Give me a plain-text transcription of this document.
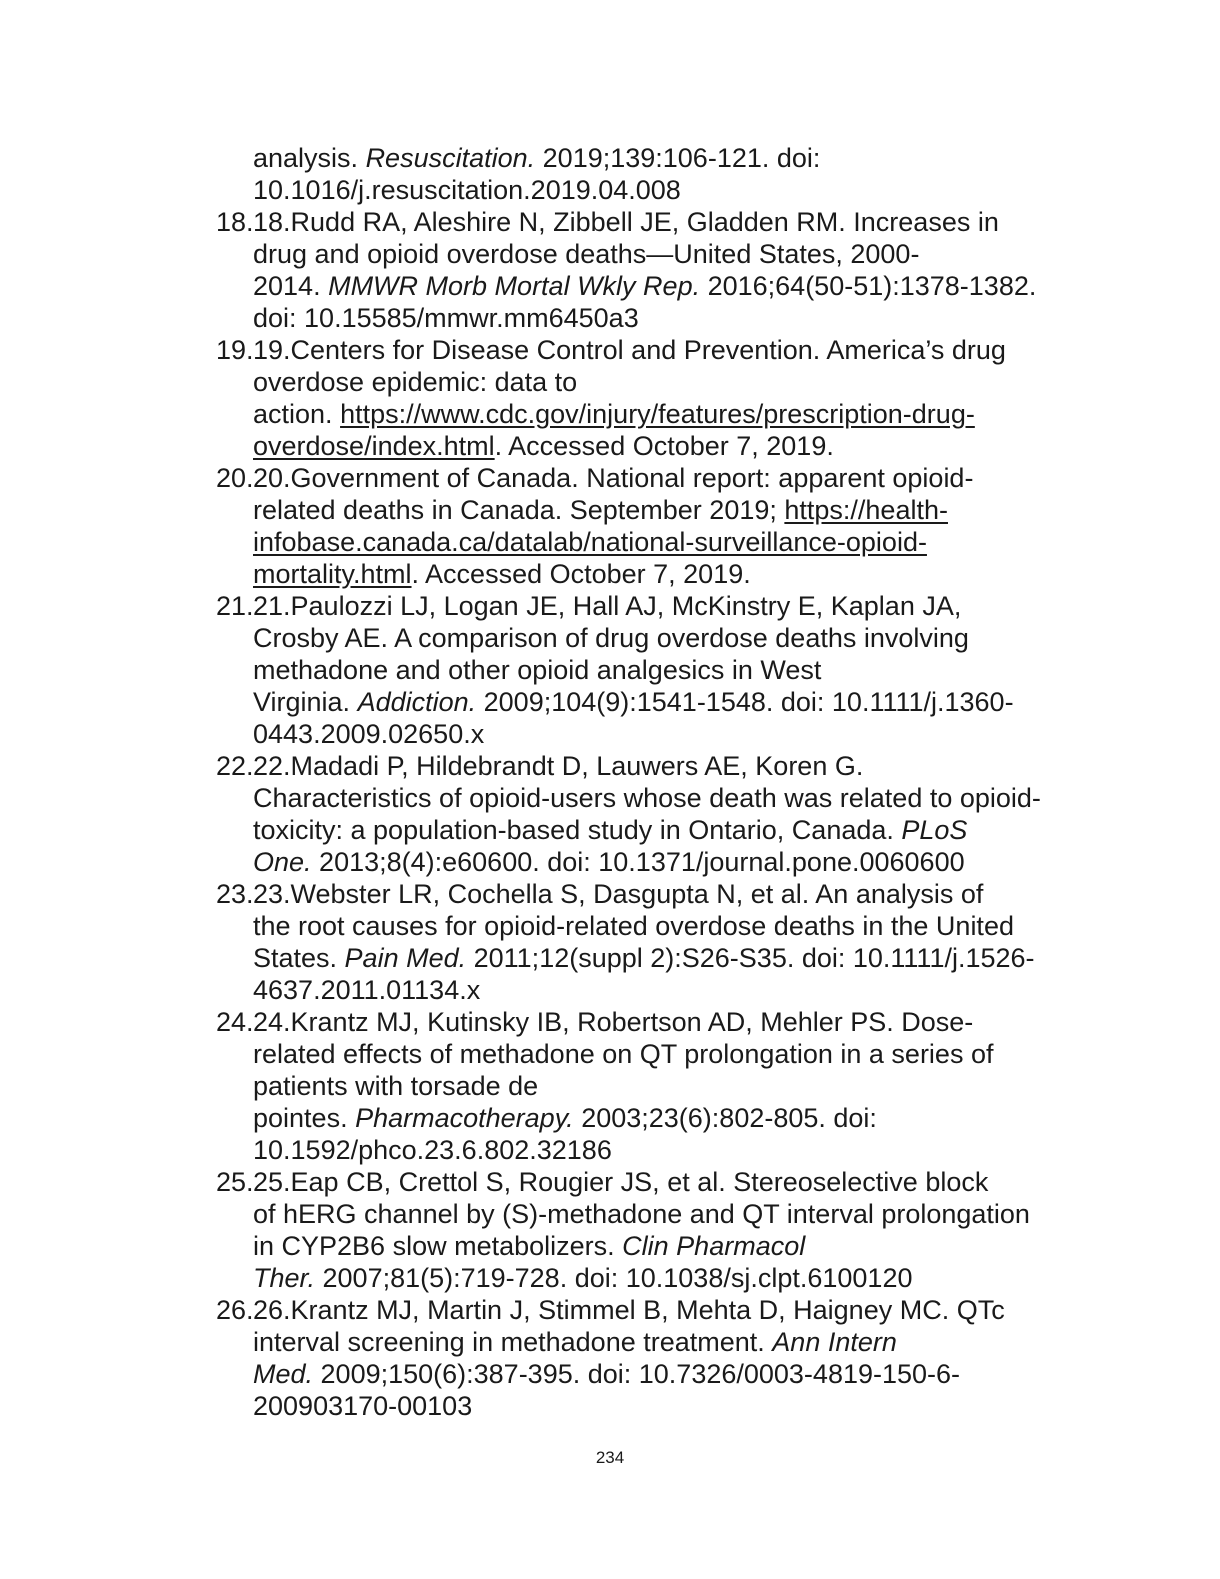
analysis. Resuscitation. 2019;139:106-121. doi:
10.1016/j.resuscitation.2019.04.008
18. 18.Rudd RA, Aleshire N, Zibbell JE, Gladden RM. Increases in
drug and opioid overdose deaths—United States, 2000-
2014. MMWR Morb Mortal Wkly Rep. 2016;64(50-51):1378-1382.
doi: 10.15585/mmwr.mm6450a3
19. 19.Centers for Disease Control and Prevention. America’s drug
overdose epidemic: data to
action. https://www.cdc.gov/injury/features/prescription-drug-
overdose/index.html. Accessed October 7, 2019.
20. 20.Government of Canada. National report: apparent opioid-
related deaths in Canada. September 2019; https://health-
infobase.canada.ca/datalab/national-surveillance-opioid-
mortality.html. Accessed October 7, 2019.
21. 21.Paulozzi LJ, Logan JE, Hall AJ, McKinstry E, Kaplan JA,
Crosby AE. A comparison of drug overdose deaths involving
methadone and other opioid analgesics in West
Virginia. Addiction. 2009;104(9):1541-1548. doi: 10.1111/j.1360-
0443.2009.02650.x
22. 22.Madadi P, Hildebrandt D, Lauwers AE, Koren G.
Characteristics of opioid-users whose death was related to opioid-
toxicity: a population-based study in Ontario, Canada. PLoS
One. 2013;8(4):e60600. doi: 10.1371/journal.pone.0060600
23. 23.Webster LR, Cochella S, Dasgupta N, et al. An analysis of
the root causes for opioid-related overdose deaths in the United
States. Pain Med. 2011;12(suppl 2):S26-S35. doi: 10.1111/j.1526-
4637.2011.01134.x
24. 24.Krantz MJ, Kutinsky IB, Robertson AD, Mehler PS. Dose-
related effects of methadone on QT prolongation in a series of
patients with torsade de
pointes. Pharmacotherapy. 2003;23(6):802-805. doi:
10.1592/phco.23.6.802.32186
25. 25.Eap CB, Crettol S, Rougier JS, et al. Stereoselective block
of hERG channel by (S)-methadone and QT interval prolongation
in CYP2B6 slow metabolizers. Clin Pharmacol
Ther. 2007;81(5):719-728. doi: 10.1038/sj.clpt.6100120
26. 26.Krantz MJ, Martin J, Stimmel B, Mehta D, Haigney MC. QTc
interval screening in methadone treatment. Ann Intern
Med. 2009;150(6):387-395. doi: 10.7326/0003-4819-150-6-
200903170-00103
234
